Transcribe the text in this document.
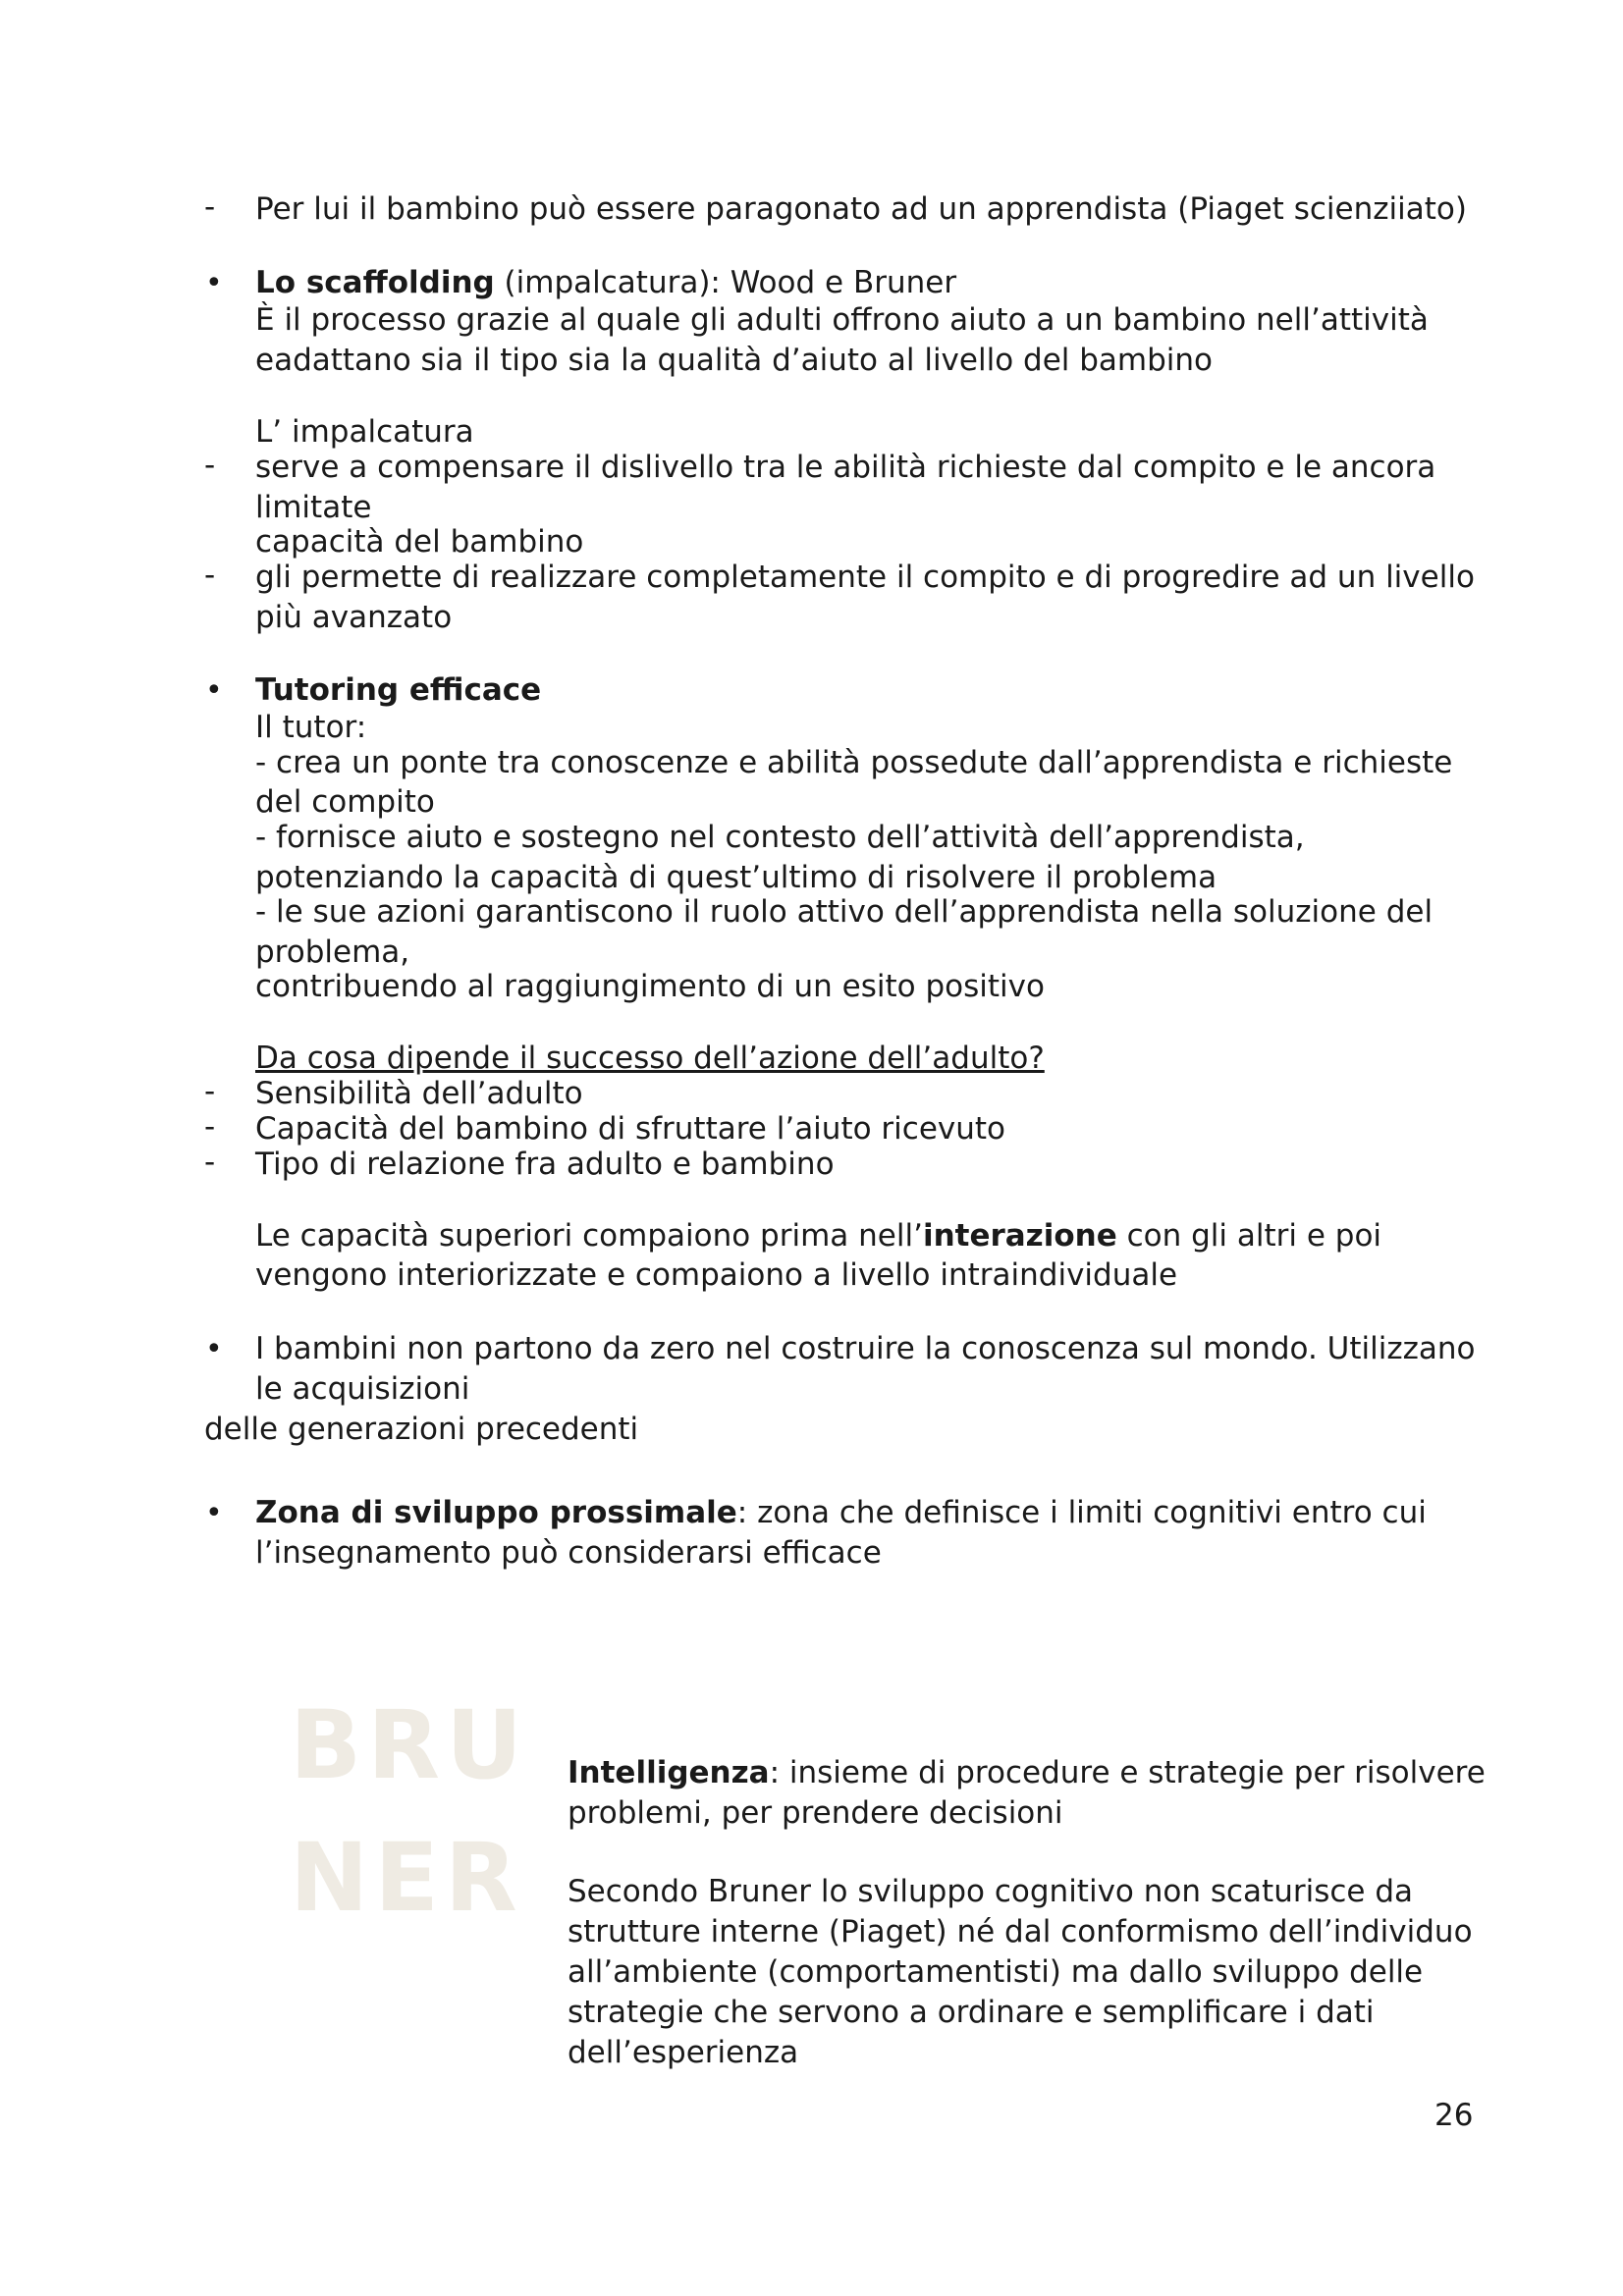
- Per lui il bambino può essere paragonato ad un apprendista (Piaget scienziiato)
• Lo scaffolding (impalcatura): Wood e Bruner
È il processo grazie al quale gli adulti offrono aiuto a un bambino nell’attività
eadattano sia il tipo sia la qualità d’aiuto al livello del bambino
L’ impalcatura
- serve a compensare il dislivello tra le abilità richieste dal compito e le ancora
limitate
capacità del bambino
- gli permette di realizzare completamente il compito e di progredire ad un livello
più avanzato
• Tutoring efficace
Il tutor:
- crea un ponte tra conoscenze e abilità possedute dall’apprendista e richieste
del compito
- fornisce aiuto e sostegno nel contesto dell’attività dell’apprendista,
potenziando la capacità di quest’ultimo di risolvere il problema
- le sue azioni garantiscono il ruolo attivo dell’apprendista nella soluzione del
problema,
contribuendo al raggiungimento di un esito positivo
Da cosa dipende il successo dell’azione dell’adulto?
- Sensibilità dell’adulto
- Capacità del bambino di sfruttare l’aiuto ricevuto
- Tipo di relazione fra adulto e bambino
Le capacità superiori compaiono prima nell’interazione con gli altri e poi
vengono interiorizzate e compaiono a livello intraindividuale
• I bambini non partono da zero nel costruire la conoscenza sul mondo. Utilizzano
le acquisizioni
delle generazioni precedenti
• Zona di sviluppo prossimale: zona che definisce i limiti cognitivi entro cui
l’insegnamento può considerarsi efficace
BRU
NER
Intelligenza: insieme di procedure e strategie per risolvere
problemi, per prendere decisioni
Secondo Bruner lo sviluppo cognitivo non scaturisce da
strutture interne (Piaget) né dal conformismo dell’individuo
all’ambiente (comportamentisti) ma dallo sviluppo delle
strategie che servono a ordinare e semplificare i dati
dell’esperienza
26
